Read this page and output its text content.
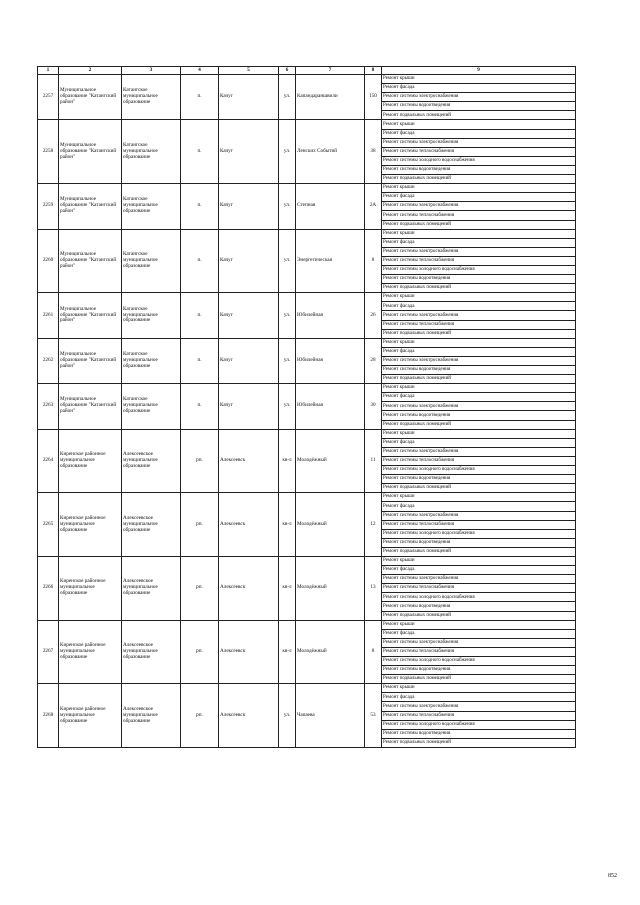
1	2	3	4	5	6	7	8	9
2257	Муниципальное образование "Катангский район"	Катангское муниципальное образование	п.	Качуг	ул.	Капандараншвили	150	Ремонт крыши
								Ремонт фасада
								Ремонт системы электроснабжения
								Ремонт системы водоотведения
								Ремонт подвальных помещений
2258	Муниципальное образование "Катангский район"	Катангское муниципальное образование	п.	Качуг	ул.	Ленских Событий	38	Ремонт крыши
								Ремонт фасада
								Ремонт системы электроснабжения
								Ремонт системы теплоснабжения
								Ремонт системы холодного водоснабжения
								Ремонт системы водоотведения
								Ремонт подвальных помещений
2259	Муниципальное образование "Катангский район"	Катангское муниципальное образование	п.	Качуг	ул.	Степная	2А	Ремонт крыши
								Ремонт фасада
								Ремонт системы электроснабжения
								Ремонт системы теплоснабжения
								Ремонт подвальных помещений
2260	Муниципальное образование "Катангский район"	Катангское муниципальное образование	п.	Качуг	ул.	Энергетическая	8	Ремонт крыши
								Ремонт фасада
								Ремонт системы электроснабжения
								Ремонт системы теплоснабжения
								Ремонт системы холодного водоснабжения
								Ремонт системы водоотведения
								Ремонт подвальных помещений
2261	Муниципальное образование "Катангский район"	Катангское муниципальное образование	п.	Качуг	ул.	Юбилейная	26	Ремонт крыши
								Ремонт фасада
								Ремонт системы электроснабжения
								Ремонт системы теплоснабжения
								Ремонт подвальных помещений
2262	Муниципальное образование "Катангский район"	Катангское муниципальное образование	п.	Качуг	ул.	Юбилейная	28	Ремонт крыши
								Ремонт фасада
								Ремонт системы электроснабжения
								Ремонт системы водоотведения
								Ремонт подвальных помещений
2263	Муниципальное образование "Катангский район"	Катангское муниципальное образование	п.	Качуг	ул.	Юбилейная	30	Ремонт крыши
								Ремонт фасада
								Ремонт системы электроснабжения
								Ремонт системы водоотведения
								Ремонт подвальных помещений
2264	Киренское районное муниципальное образование	Алексеевское муниципальное образование	рп.	Алексеевск	кв-л	Молодёжный	11	Ремонт крыши
								Ремонт фасада
								Ремонт системы электроснабжения
								Ремонт системы теплоснабжения
								Ремонт системы холодного водоснабжения
								Ремонт системы водоотведения
								Ремонт подвальных помещений
2265	Киренское районное муниципальное образование	Алексеевское муниципальное образование	рп.	Алексеевск	кв-л	Молодёжный	12	Ремонт крыши
								Ремонт фасада
								Ремонт системы электроснабжения
								Ремонт системы теплоснабжения
								Ремонт системы холодного водоснабжения
								Ремонт системы водоотведения
								Ремонт подвальных помещений
2266	Киренское районное муниципальное образование	Алексеевское муниципальное образование	рп.	Алексеевск	кв-л	Молодёжный	13	Ремонт крыши
								Ремонт фасада
								Ремонт системы электроснабжения
								Ремонт системы теплоснабжения
								Ремонт системы холодного водоснабжения
								Ремонт системы водоотведения
								Ремонт подвальных помещений
2267	Киренское районное муниципальное образование	Алексеевское муниципальное образование	рп.	Алексеевск	кв-л	Молодёжный	8	Ремонт крыши
								Ремонт фасада
								Ремонт системы электроснабжения
								Ремонт системы теплоснабжения
								Ремонт системы холодного водоснабжения
								Ремонт системы водоотведения
								Ремонт подвальных помещений
2268	Киренское районное муниципальное образование	Алексеевское муниципальное образование	рп.	Алексеевск	ул.	Чапаева	53	Ремонт крыши
								Ремонт фасада
								Ремонт системы электроснабжения
								Ремонт системы теплоснабжения
								Ремонт системы холодного водоснабжения
								Ремонт системы водоотведения
								Ремонт подвальных помещений
852
